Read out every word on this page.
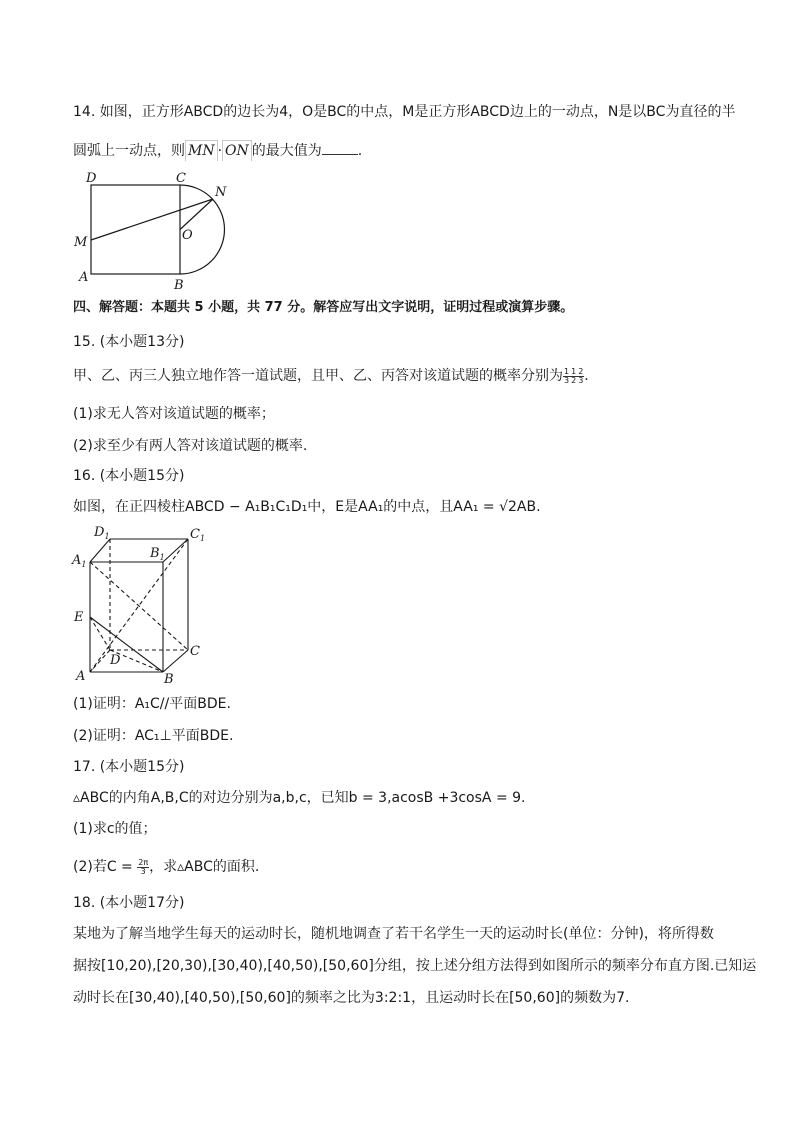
14. 如图，正方形ABCD的边长为4，O是BC的中点，M是正方形ABCD边上的一动点，N是以BC为直径的半
圆弧上一动点，则 MN · ON 的最大值为	.
D	C
N
O
M
A
B
四、解答题：本题共 5 小题，共 77 分。解答应写出文字说明，证明过程或演算步骤。
15. (本小题13分)
甲、乙、丙三人独立地作答一道试题，且甲、乙、丙答对该道试题的概率分别为 $\frac{1}{3} \frac{1}{2} \frac{2}{3}$ .
(1)求无人答对该道试题的概率；
(2)求至少有两人答对该道试题的概率.
16. (本小题15分)
如图，在正四棱柱ABCD − A₁B₁C₁D₁中，E是AA₁的中点，且AA₁ = √2AB.
$D_1$	$C_1$
$B_1$
$A_1$
E
D
C
A	B
(1)证明：A₁C//平面BDE.
(2)证明：AC₁⊥平面BDE.
17. (本小题15分)
▵ABC的内角A,B,C的对边分别为a,b,c，已知b = 3,acosB +3cosA = 9.
(1)求c的值；
(2)若$C = \frac{2\pi}{3}$ ，求▵ABC的面积.
18. (本小题17分)
某地为了解当地学生每天的运动时长，随机地调查了若干名学生一天的运动时长(单位：分钟)，将所得数
据按[10,20),[20,30),[30,40),[40,50),[50,60]分组，按上述分组方法得到如图所示的频率分布直方图.已知运
动时长在[30,40),[40,50),[50,60]的频率之比为3:2:1，且运动时长在[50,60]的频数为7.
